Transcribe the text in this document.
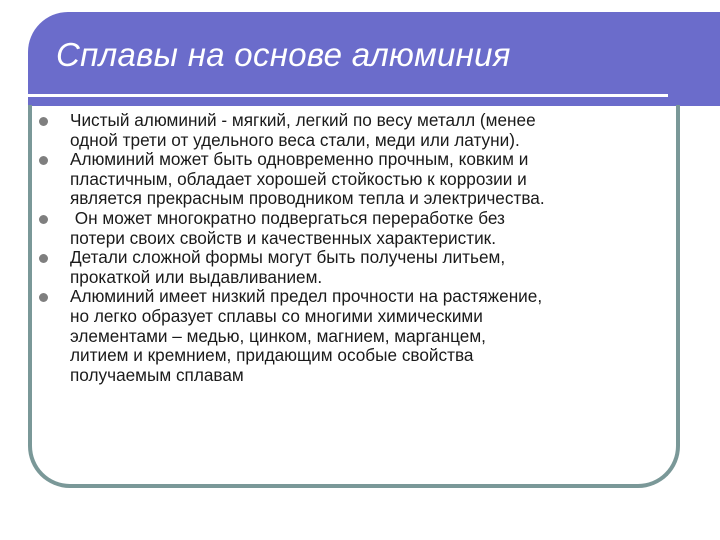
Сплавы на основе алюминия
Чистый алюминий - мягкий, легкий по весу металл (менее
одной трети от удельного веса стали, меди или латуни).
Алюминий может быть одновременно прочным, ковким и
пластичным, обладает хорошей стойкостью к коррозии и
является прекрасным проводником тепла и электричества.
Он может многократно подвергаться переработке без
потери своих свойств и качественных характеристик.
Детали сложной формы могут быть получены литьем,
прокаткой или выдавливанием.
Алюминий имеет низкий предел прочности на растяжение,
но легко образует сплавы со многими химическими
элементами – медью, цинком, магнием, марганцем,
литием и кремнием, придающим особые свойства
получаемым сплавам
